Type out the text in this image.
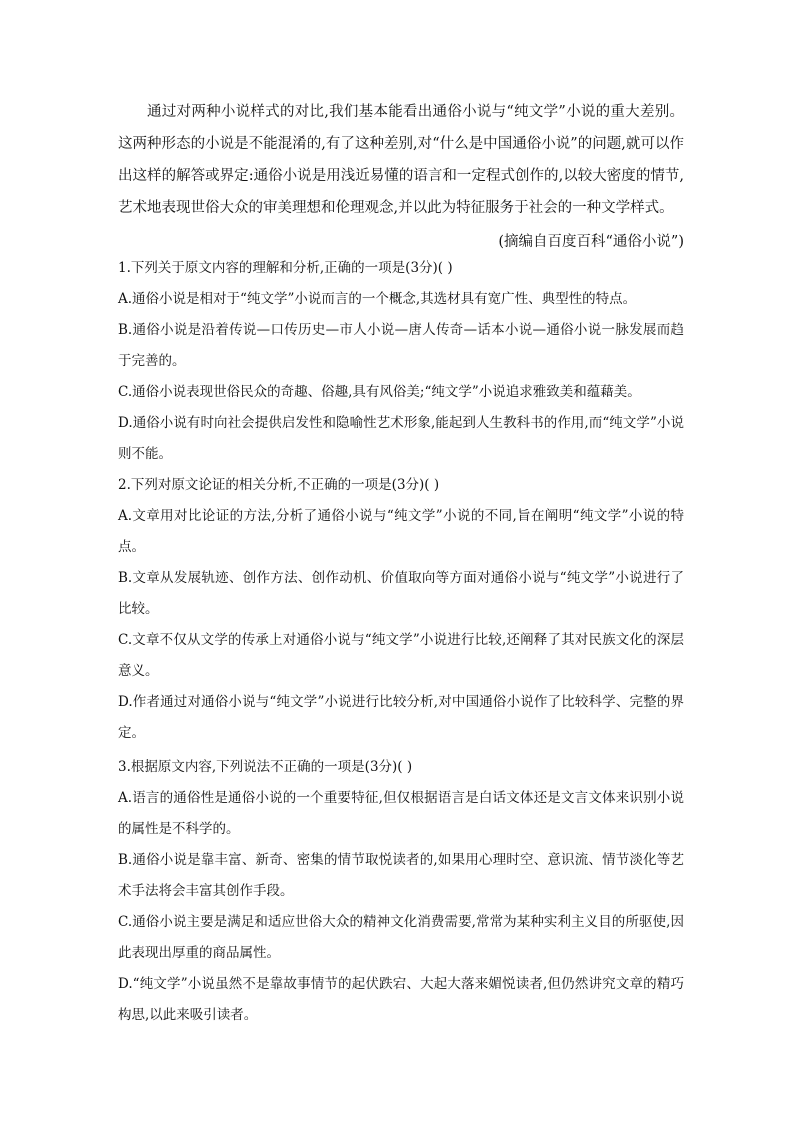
通过对两种小说样式的对比,我们基本能看出通俗小说与“纯文学”小说的重大差别。这两种形态的小说是不能混淆的,有了这种差别,对“什么是中国通俗小说”的问题,就可以作出这样的解答或界定:通俗小说是用浅近易懂的语言和一定程式创作的,以较大密度的情节,艺术地表现世俗大众的审美理想和伦理观念,并以此为特征服务于社会的一种文学样式。

(摘编自百度百科“通俗小说”)

1.下列关于原文内容的理解和分析,正确的一项是(3分)( )

A.通俗小说是相对于“纯文学”小说而言的一个概念,其选材具有宽广性、典型性的特点。

B.通俗小说是沿着传说—口传历史—市人小说—唐人传奇—话本小说—通俗小说一脉发展而趋于完善的。

C.通俗小说表现世俗民众的奇趣、俗趣,具有风俗美;“纯文学”小说追求雅致美和蕴藉美。

D.通俗小说有时向社会提供启发性和隐喻性艺术形象,能起到人生教科书的作用,而“纯文学”小说则不能。

2.下列对原文论证的相关分析,不正确的一项是(3分)( )

A.文章用对比论证的方法,分析了通俗小说与“纯文学”小说的不同,旨在阐明“纯文学”小说的特点。

B.文章从发展轨迹、创作方法、创作动机、价值取向等方面对通俗小说与“纯文学”小说进行了比较。

C.文章不仅从文学的传承上对通俗小说与“纯文学”小说进行比较,还阐释了其对民族文化的深层意义。

D.作者通过对通俗小说与“纯文学”小说进行比较分析,对中国通俗小说作了比较科学、完整的界定。

3.根据原文内容,下列说法不正确的一项是(3分)( )

A.语言的通俗性是通俗小说的一个重要特征,但仅根据语言是白话文体还是文言文体来识别小说的属性是不科学的。

B.通俗小说是靠丰富、新奇、密集的情节取悦读者的,如果用心理时空、意识流、情节淡化等艺术手法将会丰富其创作手段。

C.通俗小说主要是满足和适应世俗大众的精神文化消费需要,常常为某种实利主义目的所驱使,因此表现出厚重的商品属性。

D.“纯文学”小说虽然不是靠故事情节的起伏跌宕、大起大落来媚悦读者,但仍然讲究文章的精巧构思,以此来吸引读者。
